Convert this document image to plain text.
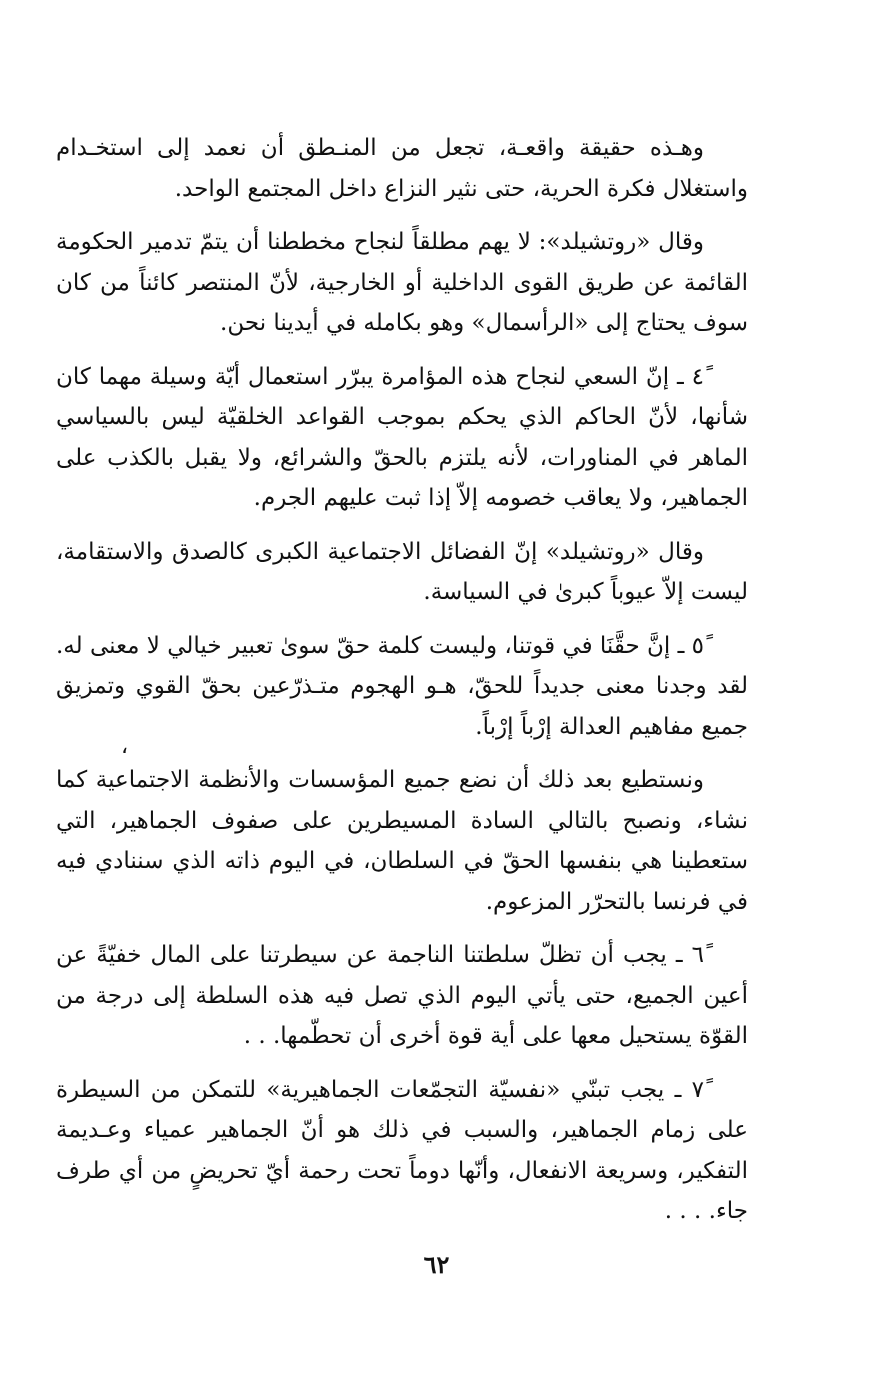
وهـذه حقيقة واقعـة، تجعل من المنـطق أن نعمد إلى استخـدام واستغلال فكرة الحرية، حتى نثير النزاع داخل المجتمع الواحد.

وقال «روتشيلد»: لا يهم مطلقاً لنجاح مخططنا أن يتمّ تدمير الحكومة القائمة عن طريق القوى الداخلية أو الخارجية، لأنّ المنتصر كائناً من كان سوف يحتاج إلى «الرأسمال» وهو بكامله في أيدينا نحن.

٤ً ـ إنّ السعي لنجاح هذه المؤامرة يبرّر استعمال أيّة وسيلة مهما كان شأنها، لأنّ الحاكم الذي يحكم بموجب القواعد الخلقيّة ليس بالسياسي الماهر في المناورات، لأنه يلتزم بالحقّ والشرائع، ولا يقبل بالكذب على الجماهير، ولا يعاقب خصومه إلاّ إذا ثبت عليهم الجرم.

وقال «روتشيلد» إنّ الفضائل الاجتماعية الكبرى كالصدق والاستقامة، ليست إلاّ عيوباً كبرىٰ في السياسة.

٥ً ـ إنَّ حقَّنَا في قوتنا، وليست كلمة حقّ سوىٰ تعبير خيالي لا معنى له. لقد وجدنا معنى جديداً للحقّ، هـو الهجوم متـذرّعين بحقّ القوي وتمزيق جميع مفاهيم العدالة إرْباً إرْباً.

ونستطيع بعد ذلك أن نضع جميع المؤسسات والأنظمة الاجتماعية كما نشاء، ونصبح بالتالي السادة المسيطرين على صفوف الجماهير، التي ستعطينا هي بنفسها الحقّ في السلطان، في اليوم ذاته الذي سننادي فيه في فرنسا بالتحرّر المزعوم.

٦ً ـ يجب أن تظلّ سلطتنا الناجمة عن سيطرتنا على المال خفيّةً عن أعين الجميع، حتى يأتي اليوم الذي تصل فيه هذه السلطة إلى درجة من القوّة يستحيل معها على أية قوة أخرى أن تحطّمها. . .

٧ً ـ يجب تبنّي «نفسيّة التجمّعات الجماهيرية» للتمكن من السيطرة على زمام الجماهير، والسبب في ذلك هو أنّ الجماهير عمياء وعـديمة التفكير، وسريعة الانفعال، وأنّها دوماً تحت رحمة أيّ تحريضٍ من أي طرف جاء. . . .

،
٦٢
